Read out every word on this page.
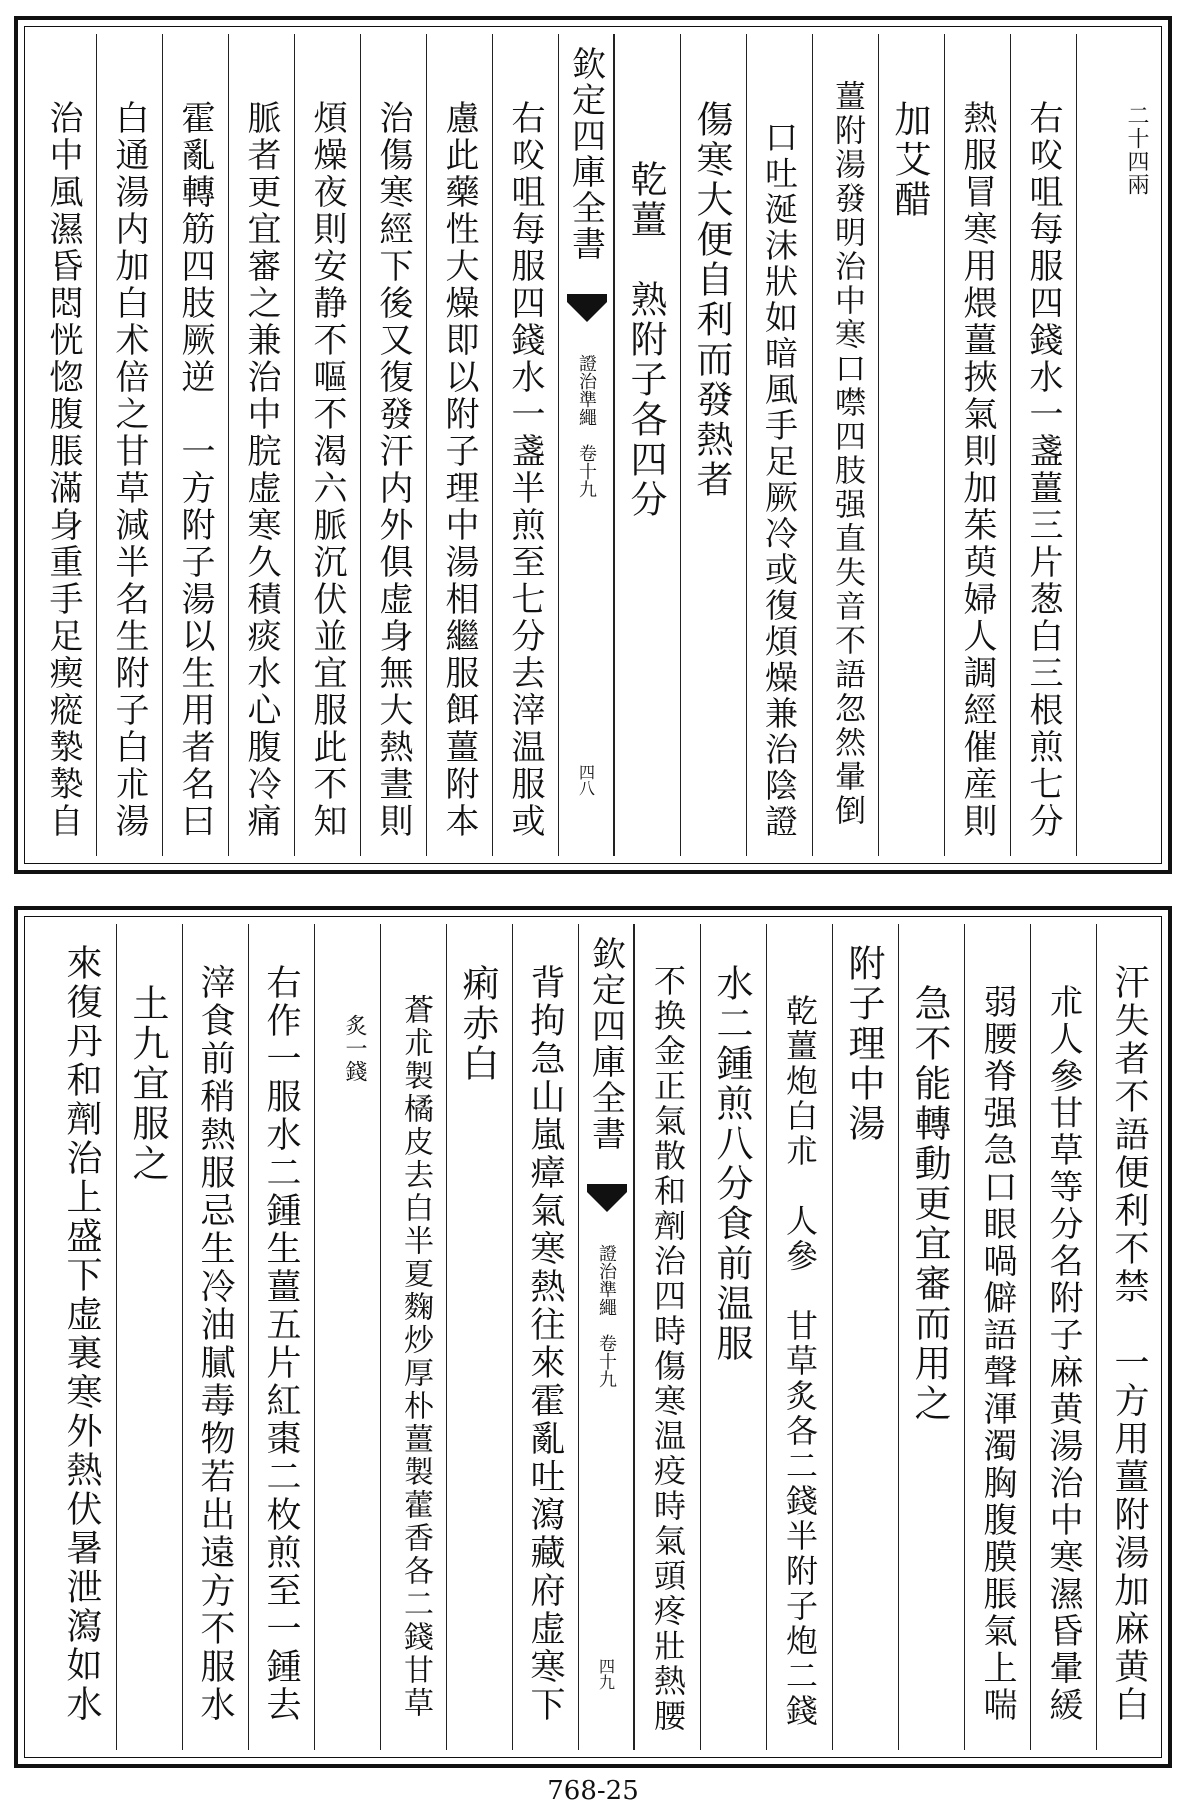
二十四兩
右㕮咀每服四錢水一盞薑三片葱白三根煎七分
熱服冒寒用煨薑挾氣則加茱萸婦人調經催産則
加艾醋
薑附湯發明治中寒口噤四肢强直失音不語忽然暈倒
口吐涎沫狀如暗風手足厥冷或復煩燥兼治陰證
傷寒大便自利而發熱者
乾薑　熟附子各四分
欽定四庫全書
證治準繩　卷十九
四八
右㕮咀每服四錢水一盞半煎至七分去滓温服或
慮此藥性大燥即以附子理中湯相繼服餌薑附本
治傷寒經下後又復發汗内外俱虚身無大熱晝則
煩燥夜則安静不嘔不渴六脈沉伏並宜服此不知
脈者更宜審之兼治中脘虚寒久積痰水心腹冷痛
霍亂轉筋四肢厥逆　一方附子湯以生用者名曰
白通湯内加白术倍之甘草減半名生附子白朮湯
治中風濕昏悶恍惚腹脹滿身重手足瘈瘲漐漐自
汗失者不語便利不禁　一方用薑附湯加麻黄白
朮人參甘草等分名附子麻黄湯治中寒濕昏暈緩
弱腰脊强急口眼喎僻語聲渾濁胸腹膜脹氣上喘
急不能轉動更宜審而用之
附子理中湯
乾薑炮白朮　人參　甘草炙各二錢半附子炮二錢
水二鍾煎八分食前温服
不换金正氣散和劑治四時傷寒温疫時氣頭疼壯熱腰
欽定四庫全書
證治準繩　卷十九
四九
背拘急山嵐瘴氣寒熱往來霍亂吐瀉藏府虚寒下
痢赤白
蒼朮製橘皮去白半夏麴炒厚朴薑製藿香各二錢甘草
炙一錢
右作一服水二鍾生薑五片紅棗二枚煎至一鍾去
滓食前稍熱服忌生冷油膩毒物若出遠方不服水
土九宜服之
來復丹和劑治上盛下虚裏寒外熱伏暑泄瀉如水
768-25
